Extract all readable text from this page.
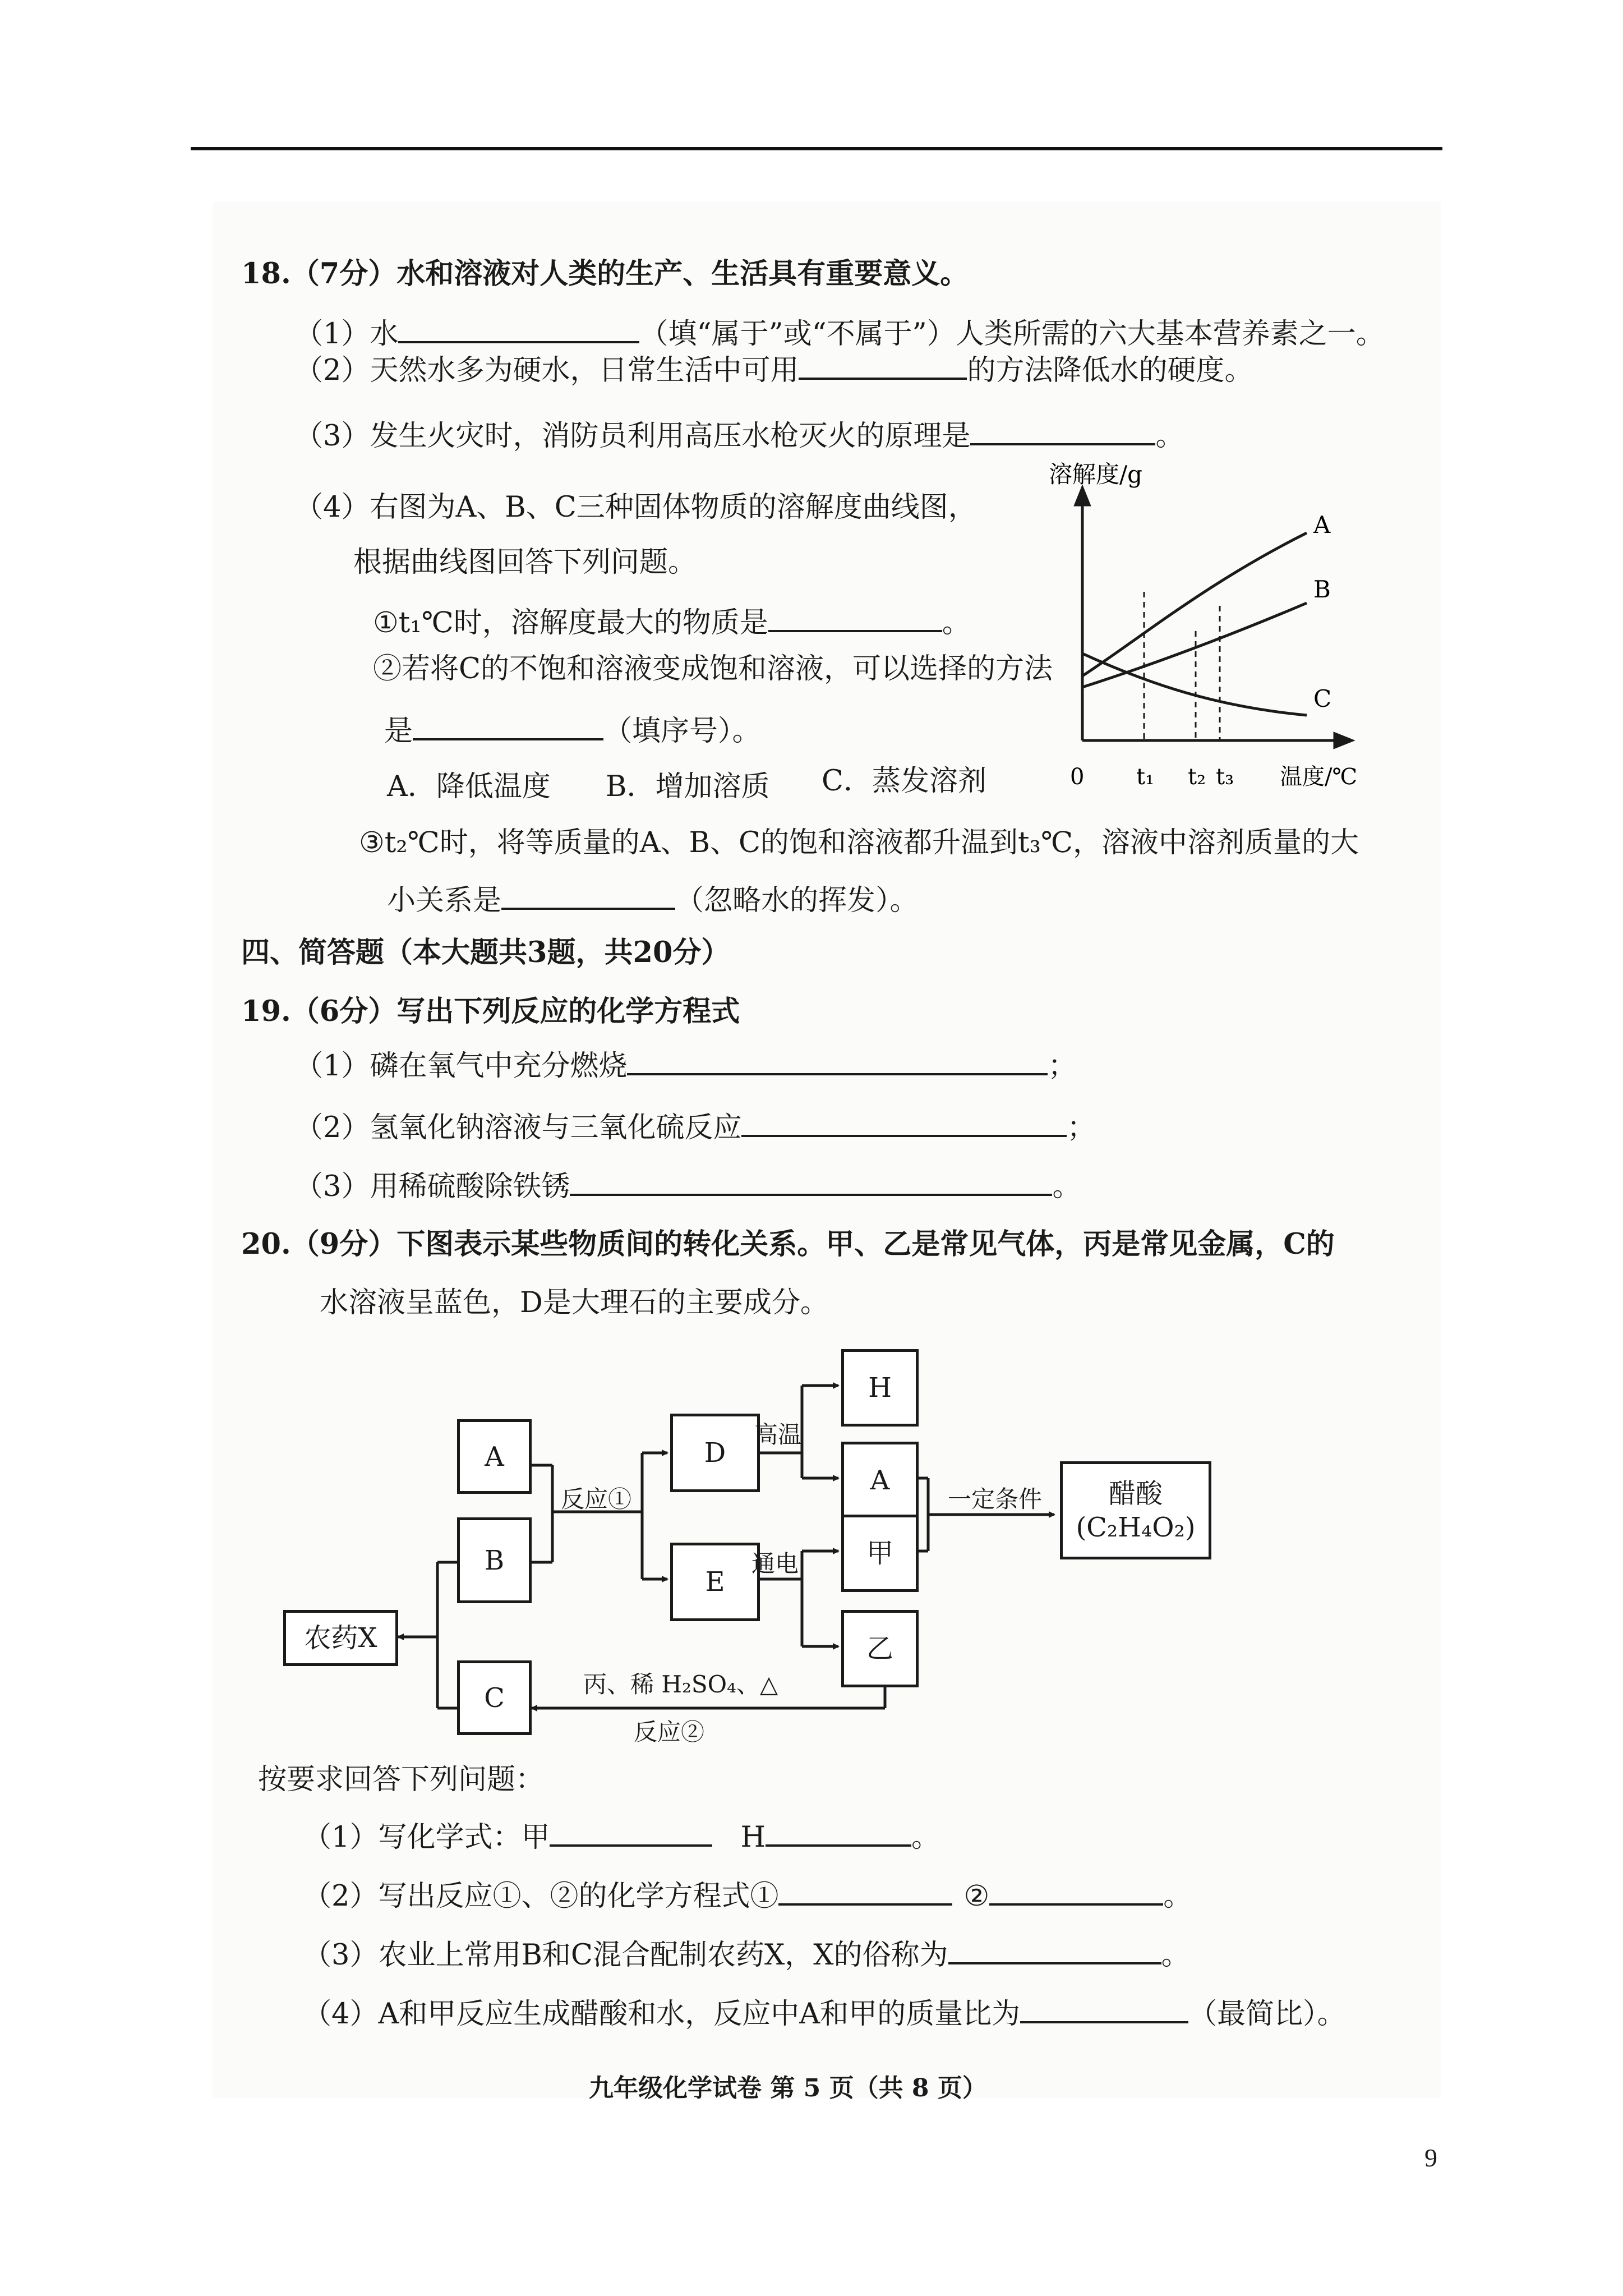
18.（7分）水和溶液对人类的生产、生活具有重要意义。
（1）水	（填“属于”或“不属于”）人类所需的六大基本营养素之一。
（2）天然水多为硬水，日常生活中可用	的方法降低水的硬度。
（3）发生火灾时，消防员利用高压水枪灭火的原理是	。
（4）右图为A、B、C三种固体物质的溶解度曲线图，
根据曲线图回答下列问题。
①t₁℃时，溶解度最大的物质是	。
②若将C的不饱和溶液变成饱和溶液，可以选择的方法
是	（填序号）。
A．降低温度 B．增加溶质 C．蒸发溶剂
③t₂℃时，将等质量的A、B、C的饱和溶液都升温到t₃℃，溶液中溶剂质量的大
小关系是	（忽略水的挥发）。
溶解度/g
温度/℃
0 t₁ t₂ t₃
A
B
C
四、简答题（本大题共3题，共20分）
19.（6分）写出下列反应的化学方程式
（1）磷在氧气中充分燃烧	；
（2）氢氧化钠溶液与三氧化硫反应	；
（3）用稀硫酸除铁锈	。
20.（9分）下图表示某些物质间的转化关系。甲、乙是常见气体，丙是常见金属，C的
水溶液呈蓝色，D是大理石的主要成分。
A
B
C
D
E
H
A
甲
乙
农药X
醋酸
(C₂H₄O₂)
反应①
高温
通电
一定条件
丙、稀 H₂SO₄、△
反应②
按要求回答下列问题：
（1）写化学式：甲	H	。
（2）写出反应①、②的化学方程式①	②	。
（3）农业上常用B和C混合配制农药X，X的俗称为	。
（4）A和甲反应生成醋酸和水，反应中A和甲的质量比为	（最简比）。
九年级化学试卷 第 5 页（共 8 页）
9
